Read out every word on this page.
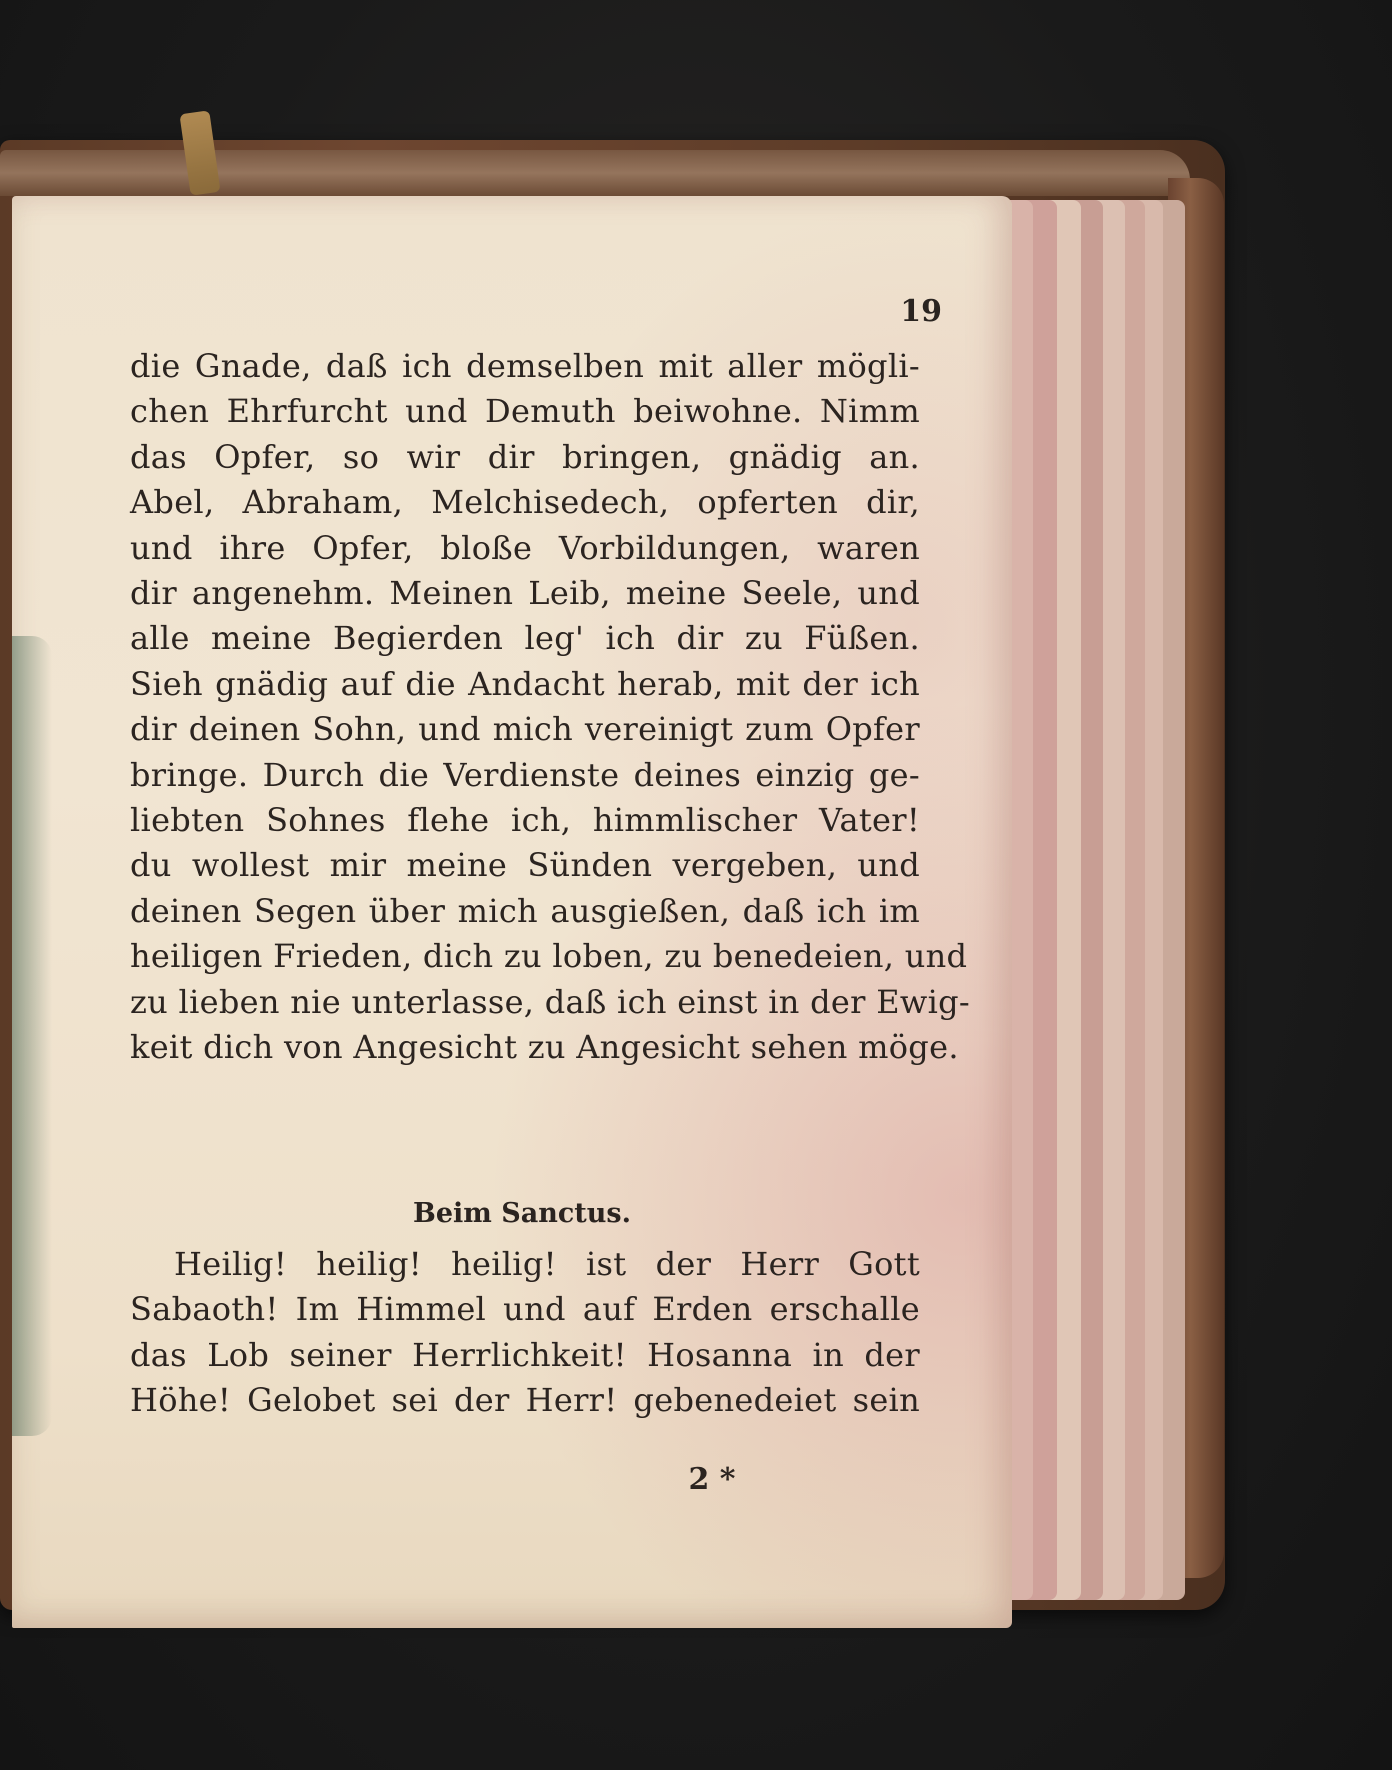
19
die Gnade, daß ich demselben mit aller mögli-
chen Ehrfurcht und Demuth beiwohne. Nimm
das Opfer, so wir dir bringen, gnädig an.
Abel, Abraham, Melchisedech, opferten dir,
und ihre Opfer, bloße Vorbildungen, waren
dir angenehm. Meinen Leib, meine Seele, und
alle meine Begierden leg' ich dir zu Füßen.
Sieh gnädig auf die Andacht herab, mit der ich
dir deinen Sohn, und mich vereinigt zum Opfer
bringe. Durch die Verdienste deines einzig ge-
liebten Sohnes flehe ich, himmlischer Vater!
du wollest mir meine Sünden vergeben, und
deinen Segen über mich ausgießen, daß ich im
heiligen Frieden, dich zu loben, zu benedeien, und
zu lieben nie unterlasse, daß ich einst in der Ewig-
keit dich von Angesicht zu Angesicht sehen möge.
Beim Sanctus.
Heilig! heilig! heilig! ist der Herr Gott
Sabaoth! Im Himmel und auf Erden erschalle
das Lob seiner Herrlichkeit! Hosanna in der
Höhe! Gelobet sei der Herr! gebenedeiet sein
2 *
